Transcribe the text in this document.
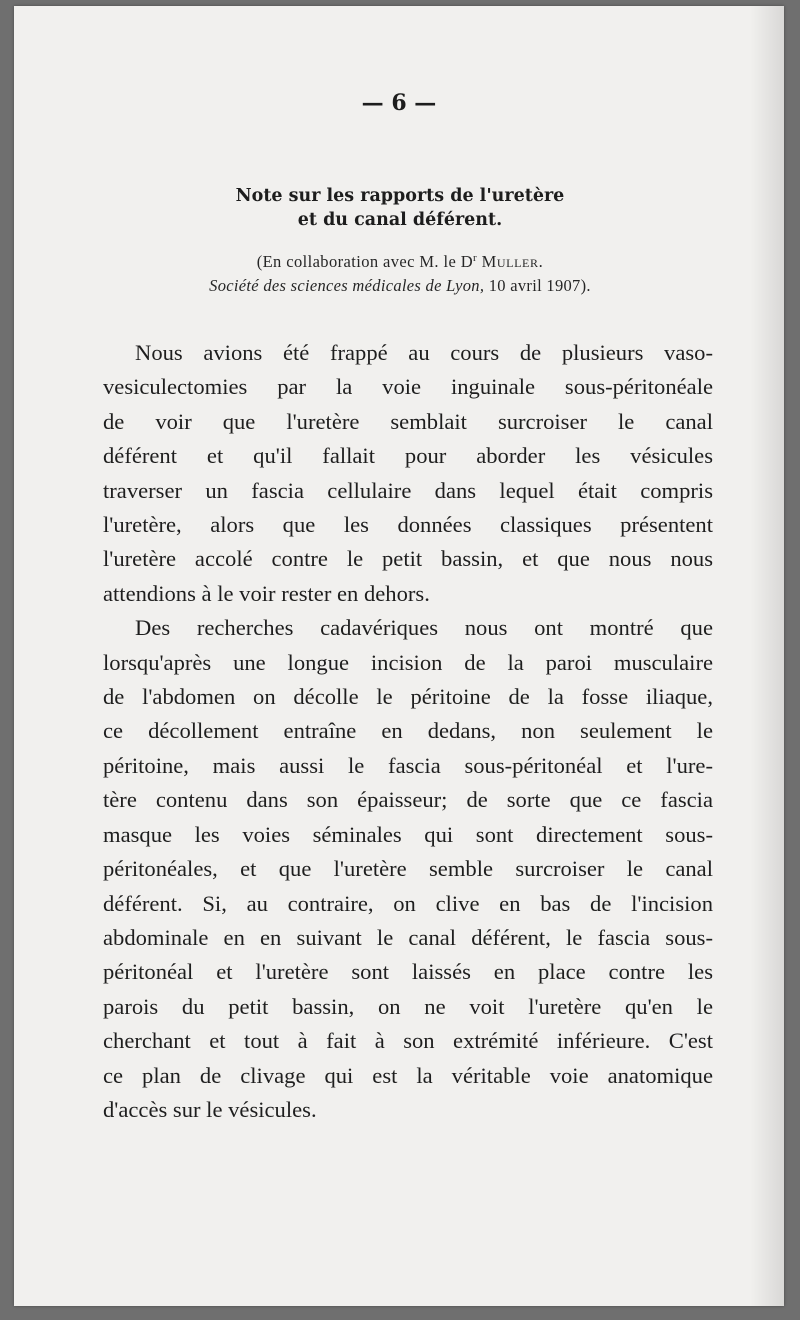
— 6 —
Note sur les rapports de l'uretère
et du canal déférent.
(En collaboration avec M. le $D^r$ Muller.
Société des sciences médicales de Lyon, 10 avril 1907).

Nous avions été frappé au cours de plusieurs vaso-
vesiculectomies par la voie inguinale sous-péritonéale
de voir que l'uretère semblait surcroiser le canal
déférent et qu'il fallait pour aborder les vésicules
traverser un fascia cellulaire dans lequel était compris
l'uretère, alors que les données classiques présentent
l'uretère accolé contre le petit bassin, et que nous nous
attendions à le voir rester en dehors.

Des recherches cadavériques nous ont montré que
lorsqu'après une longue incision de la paroi musculaire
de l'abdomen on décolle le péritoine de la fosse iliaque,
ce décollement entraîne en dedans, non seulement le
péritoine, mais aussi le fascia sous-péritonéal et l'ure-
tère contenu dans son épaisseur; de sorte que ce fascia
masque les voies séminales qui sont directement sous-
péritonéales, et que l'uretère semble surcroiser le canal
déférent. Si, au contraire, on clive en bas de l'incision
abdominale en en suivant le canal déférent, le fascia sous-
péritonéal et l'uretère sont laissés en place contre les
parois du petit bassin, on ne voit l'uretère qu'en le
cherchant et tout à fait à son extrémité inférieure. C'est
ce plan de clivage qui est la véritable voie anatomique
d'accès sur le vésicules.
